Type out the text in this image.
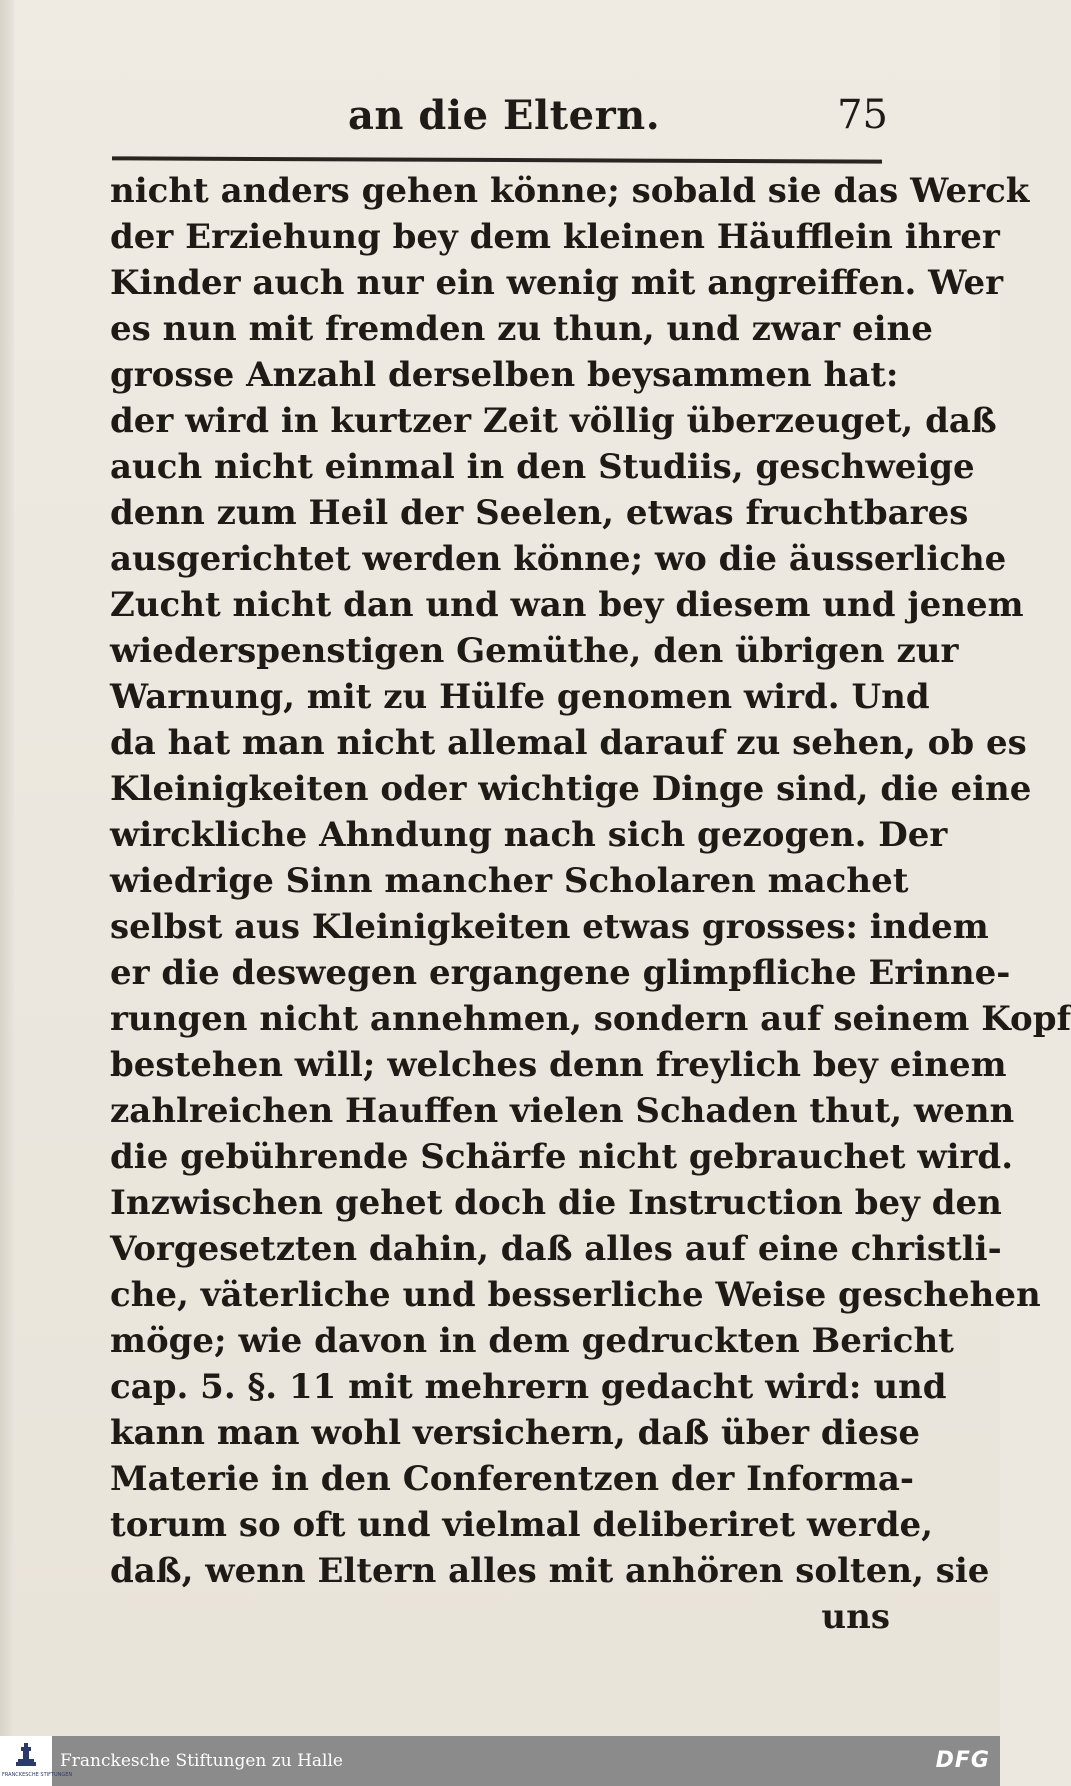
an die Eltern.	75
nicht anders gehen könne; sobald sie das Werck
der Erziehung bey dem kleinen Häufflein ihrer
Kinder auch nur ein wenig mit angreiffen. Wer
es nun mit fremden zu thun, und zwar eine
grosse Anzahl derselben beysammen hat:
der wird in kurtzer Zeit völlig überzeuget, daß
auch nicht einmal in den Studiis, geschweige
denn zum Heil der Seelen, etwas fruchtbares
ausgerichtet werden könne; wo die äusserliche
Zucht nicht dan und wan bey diesem und jenem
wiederspenstigen Gemüthe, den übrigen zur
Warnung, mit zu Hülfe genomen wird. Und
da hat man nicht allemal darauf zu sehen, ob es
Kleinigkeiten oder wichtige Dinge sind, die eine
wirckliche Ahndung nach sich gezogen. Der
wiedrige Sinn mancher Scholaren machet
selbst aus Kleinigkeiten etwas grosses: indem
er die deswegen ergangene glimpfliche Erinne-
rungen nicht annehmen, sondern auf seinem Kopf
bestehen will; welches denn freylich bey einem
zahlreichen Hauffen vielen Schaden thut, wenn
die gebührende Schärfe nicht gebrauchet wird.
Inzwischen gehet doch die Instruction bey den
Vorgesetzten dahin, daß alles auf eine christli-
che, väterliche und besserliche Weise geschehen
möge; wie davon in dem gedruckten Bericht
cap. 5. §. 11 mit mehrern gedacht wird: und
kann man wohl versichern, daß über diese
Materie in den Conferentzen der Informa-
torum so oft und vielmal deliberiret werde,
daß, wenn Eltern alles mit anhören solten, sie
uns
FRANCKESCHE STIFTUNGEN
Franckesche Stiftungen zu Halle	DFG
